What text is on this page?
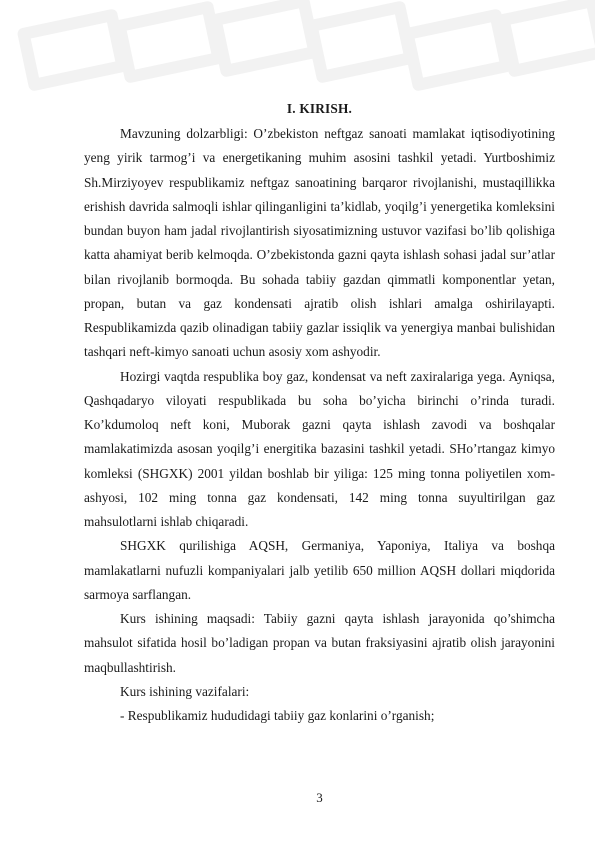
I. KIRISH.

Mavzuning dolzarbligi: O’zbekiston neftgaz sanoati mamlakat iqtisodiyotining yeng yirik tarmog’i va energetikaning muhim asosini tashkil yetadi. Yurtboshimiz Sh.Mirziyoyev respublikamiz neftgaz sanoatining barqaror rivojlanishi, mustaqillikka erishish davrida salmoqli ishlar qilinganligini ta’kidlab, yoqilg’i yenergetika komleksini bundan buyon ham jadal rivojlantirish siyosatimizning ustuvor vazifasi bo’lib qolishiga katta ahamiyat berib kelmoqda. O’zbekistonda gazni qayta ishlash sohasi jadal sur’atlar bilan rivojlanib bormoqda. Bu sohada tabiiy gazdan qimmatli komponentlar yetan, propan, butan va gaz kondensati ajratib olish ishlari amalga oshirilayapti. Respublikamizda qazib olinadigan tabiiy gazlar issiqlik va yenergiya manbai bulishidan tashqari neft-kimyo sanoati uchun asosiy xom ashyodir.

Hozirgi vaqtda respublika boy gaz, kondensat va neft zaxiralariga yega. Ayniqsa, Qashqadaryo viloyati respublikada bu soha bo’yicha birinchi o’rinda turadi. Ko’kdumoloq neft koni, Muborak gazni qayta ishlash zavodi va boshqalar mamlakatimizda asosan yoqilg’i energitika bazasini tashkil yetadi. SHo’rtangaz kimyo komleksi (SHGXK) 2001 yildan boshlab bir yiliga: 125 ming tonna poliyetilen xom-ashyosi, 102 ming tonna gaz kondensati, 142 ming tonna suyultirilgan gaz mahsulotlarni ishlab chiqaradi.

SHGXK qurilishiga AQSH, Germaniya, Yaponiya, Italiya va boshqa mamlakatlarni nufuzli kompaniyalari jalb yetilib 650 million AQSH dollari miqdorida sarmoya sarflangan.

Kurs ishining maqsadi: Tabiiy gazni qayta ishlash jarayonida qo’shimcha mahsulot sifatida hosil bo’ladigan propan va butan fraksiyasini ajratib olish jarayonini maqbullashtirish.

Kurs ishining vazifalari:

- Respublikamiz hududidagi tabiiy gaz konlarini o’rganish;

3
